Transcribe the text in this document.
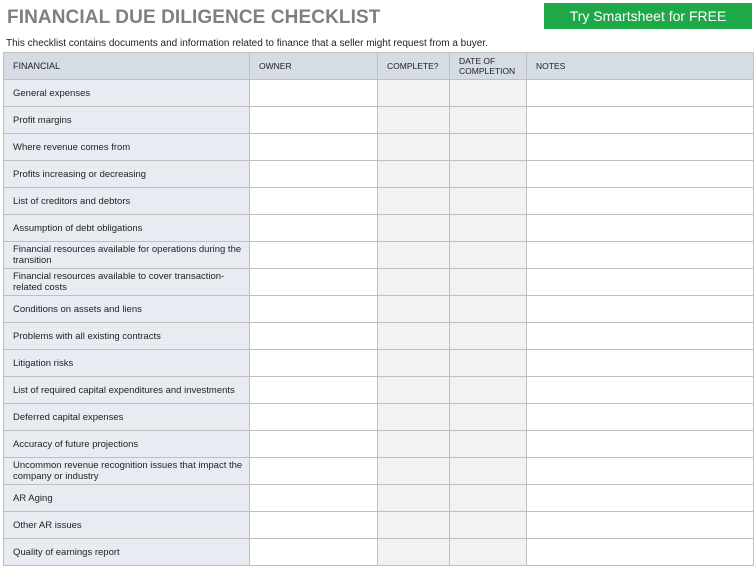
FINANCIAL DUE DILIGENCE CHECKLIST	Try Smartsheet for FREE
This checklist contains documents and information related to finance that a seller might request from a buyer.
FINANCIAL	OWNER	COMPLETE?	DATE OF COMPLETION	NOTES
General expenses				
Profit margins				
Where revenue comes from				
Profits increasing or decreasing				
List of creditors and debtors				
Assumption of debt obligations				
Financial resources available for operations during the transition				
Financial resources available to cover transaction-related costs				
Conditions on assets and liens				
Problems with all existing contracts				
Litigation risks				
List of required capital expenditures and investments				
Deferred capital expenses				
Accuracy of future projections				
Uncommon revenue recognition issues that impact the company or industry				
AR Aging				
Other AR issues				
Quality of earnings report				
